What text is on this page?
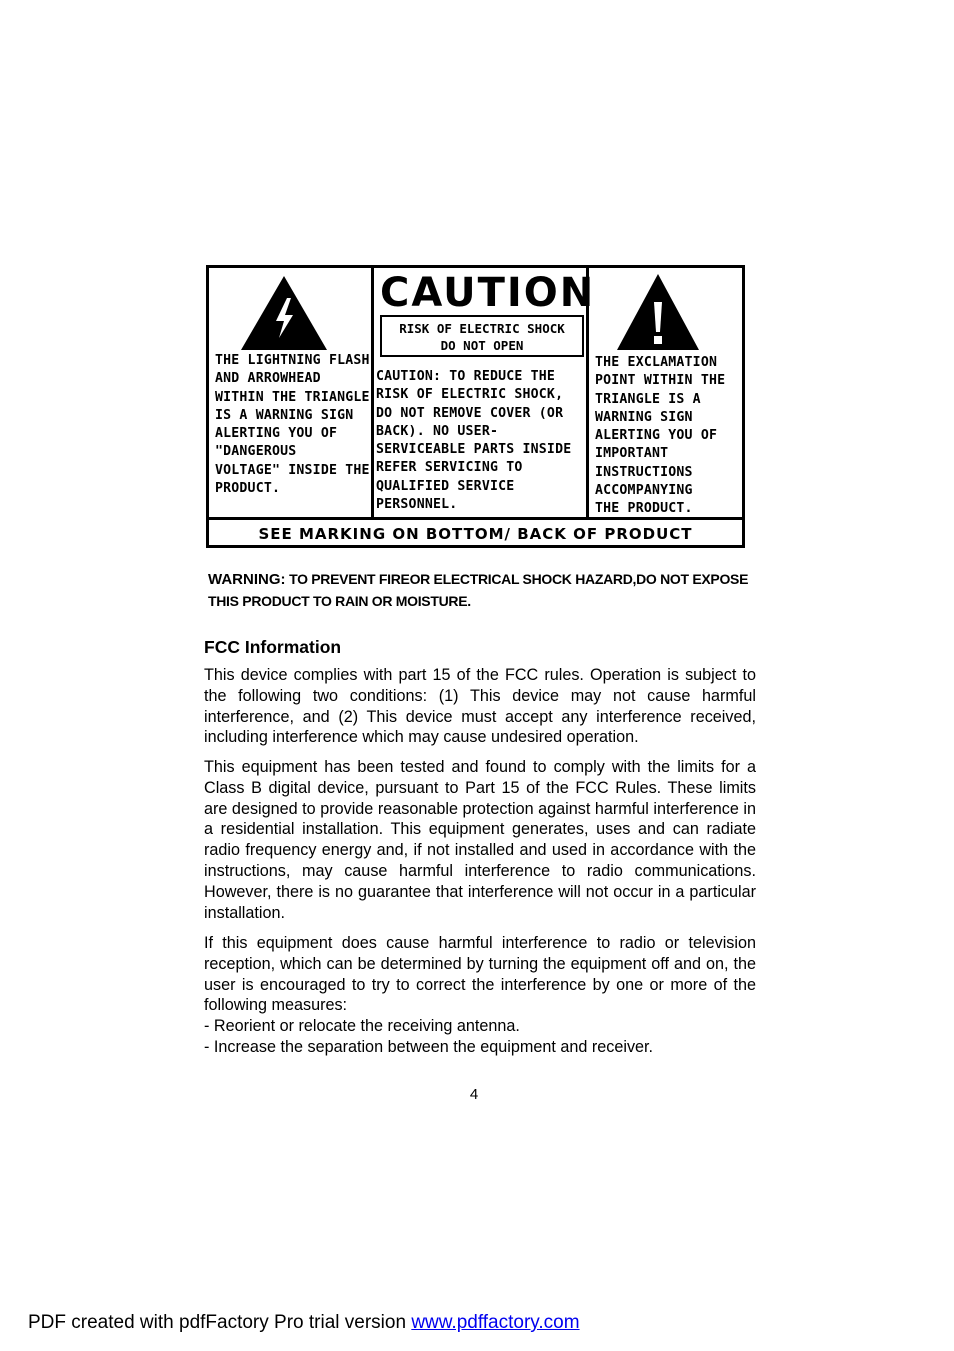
THE LIGHTNING FLASH
AND ARROWHEAD
WITHIN THE TRIANGLE
IS A WARNING SIGN
ALERTING YOU OF
"DANGEROUS
VOLTAGE" INSIDE THE
PRODUCT.
CAUTION
RISK OF ELECTRIC SHOCK
DO NOT OPEN
CAUTION: TO REDUCE THE
RISK OF ELECTRIC SHOCK,
DO NOT REMOVE COVER (OR
BACK). NO USER-
SERVICEABLE PARTS INSIDE
REFER SERVICING TO
QUALIFIED SERVICE
PERSONNEL.
THE EXCLAMATION
POINT WITHIN THE
TRIANGLE IS A
WARNING SIGN
ALERTING YOU OF
IMPORTANT
INSTRUCTIONS
ACCOMPANYING
THE PRODUCT.
SEE MARKING ON BOTTOM/ BACK OF PRODUCT
WARNING: TO PREVENT FIREOR ELECTRICAL SHOCK HAZARD,DO NOT EXPOSE THIS PRODUCT TO RAIN OR MOISTURE.
FCC Information
This device complies with part 15 of the FCC rules. Operation is subject to the following two conditions: (1) This device may not cause harmful interference, and (2) This device must accept any interference received, including interference which may cause undesired operation.
This equipment has been tested and found to comply with the limits for a Class B digital device, pursuant to Part 15 of the FCC Rules. These limits are designed to provide reasonable protection against harmful interference in a residential installation. This equipment generates, uses and can radiate radio frequency energy and, if not installed and used in accordance with the instructions, may cause harmful interference to radio communications. However, there is no guarantee that interference will not occur in a particular installation.
If this equipment does cause harmful interference to radio or television reception, which can be determined by turning the equipment off and on, the user is encouraged to try to correct the interference by one or more of the following measures:
- Reorient or relocate the receiving antenna.
- Increase the separation between the equipment and receiver.
4
PDF created with pdfFactory Pro trial version www.pdffactory.com
